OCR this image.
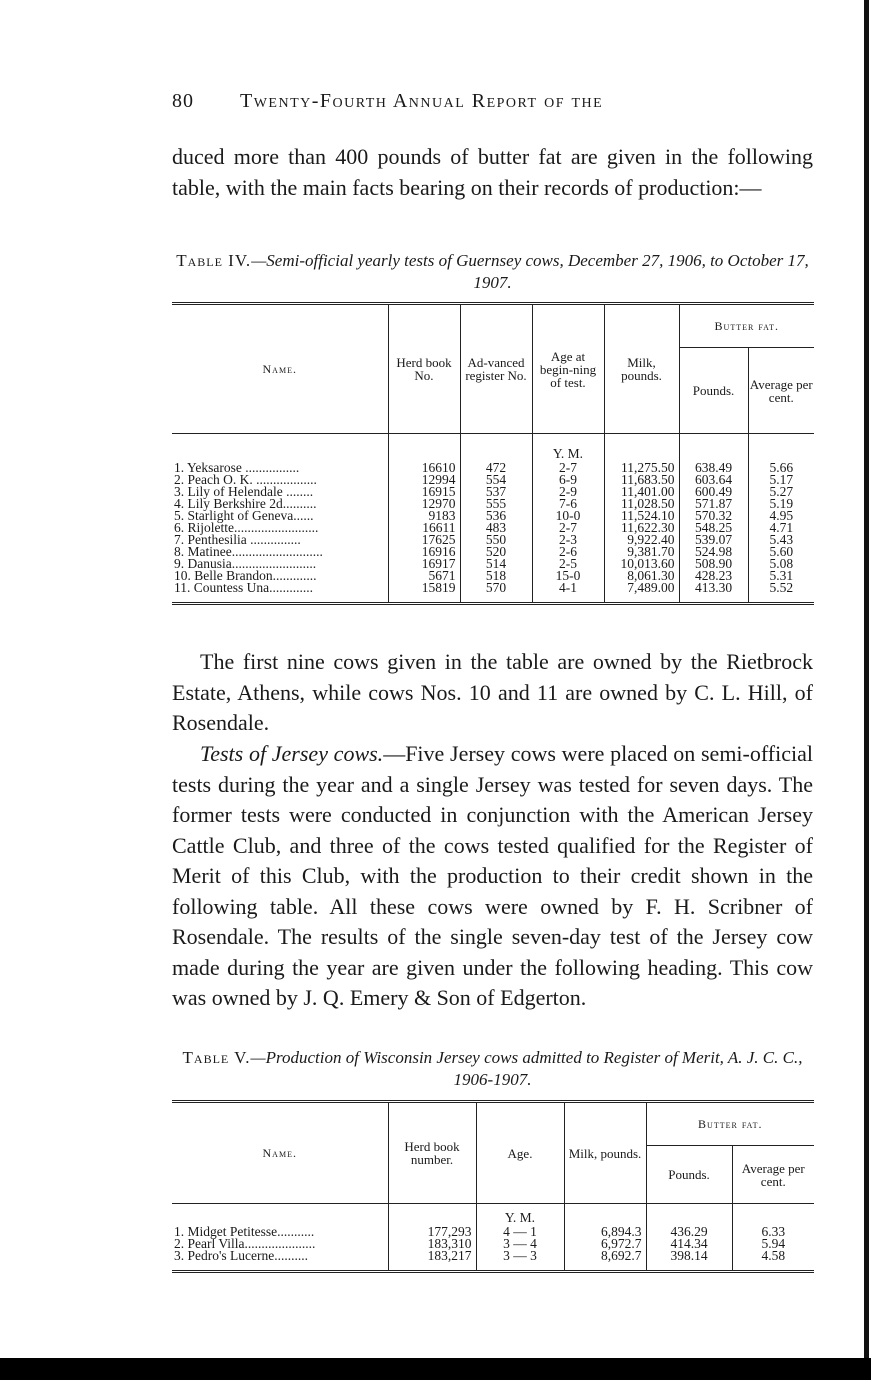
80 Twenty-Fourth Annual Report of the

duced more than 400 pounds of butter fat are given in the following table, with the main facts bearing on their records of production:—

Table IV.—Semi-official yearly tests of Guernsey cows, December 27, 1906, to October 17, 1907.
Name.	Herd book No.	Ad-vanced register No.	Age at begin-ning of test.	Milk, pounds.	Butter fat.	
					Pounds.	Average per cent.
			Y. M.			
1. Yeksarose ................	16610	472	2-7	11,275.50	638.49	5.66
2. Peach O. K. ..................	12994	554	6-9	11,683.50	603.64	5.17
3. Lily of Helendale ........	16915	537	2-9	11,401.00	600.49	5.27
4. Lily Berkshire 2d..........	12970	555	7-6	11,028.50	571.87	5.19
5. Starlight of Geneva......	9183	536	10-0	11,524.10	570.32	4.95
6. Rijolette.........................	16611	483	2-7	11,622.30	548.25	4.71
7. Penthesilia ...............	17625	550	2-3	9,922.40	539.07	5.43
8. Matinee...........................	16916	520	2-6	9,381.70	524.98	5.60
9. Danusia.........................	16917	514	2-5	10,013.60	508.90	5.08
10. Belle Brandon.............	5671	518	15-0	8,061.30	428.23	5.31
11. Countess Una.............	15819	570	4-1	7,489.00	413.30	5.52

The first nine cows given in the table are owned by the Rietbrock Estate, Athens, while cows Nos. 10 and 11 are owned by C. L. Hill, of Rosendale.

Tests of Jersey cows.—Five Jersey cows were placed on semi-official tests during the year and a single Jersey was tested for seven days. The former tests were conducted in conjunction with the American Jersey Cattle Club, and three of the cows tested qualified for the Register of Merit of this Club, with the production to their credit shown in the following table. All these cows were owned by F. H. Scribner of Rosendale. The results of the single seven-day test of the Jersey cow made during the year are given under the following heading. This cow was owned by J. Q. Emery & Son of Edgerton.

Table V.—Production of Wisconsin Jersey cows admitted to Register of Merit, A. J. C. C., 1906-1907.
Name.	Herd book number.	Age.	Milk, pounds.	Butter fat.	
				Pounds.	Average per cent.
		Y. M.			
1. Midget Petitesse...........	177,293	4 — 1	6,894.3	436.29	6.33
2. Pearl Villa.....................	183,310	3 — 4	6,972.7	414.34	5.94
3. Pedro's Lucerne..........	183,217	3 — 3	8,692.7	398.14	4.58
